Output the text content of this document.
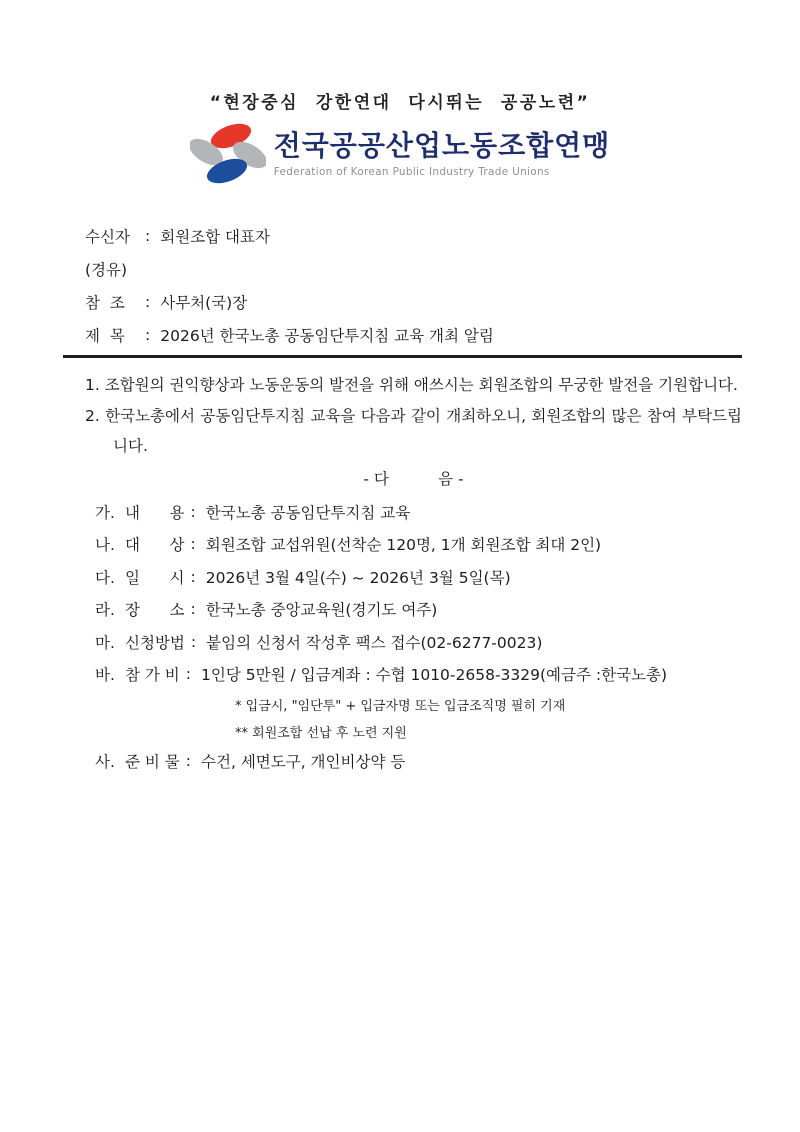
“현장중심  강한연대  다시뛰는  공공노련”
전국공공산업노동조합연맹
Federation of Korean Public Industry Trade Unions
수신자 : 회원조합 대표자
(경유)
참  조	: 사무처(국)장
제  목	: 2026년 한국노총 공동임단투지침 교육 개최 알림

1. 조합원의 권익향상과 노동운동의 발전을 위해 애쓰시는 회원조합의 무궁한 발전을 기원합니다.

2. 한국노총에서 공동임단투지침 교육을 다음과 같이 개최하오니, 회원조합의 많은 참여 부탁드립니다.

- 다          음 -
가. 내      용 : 한국노총 공동임단투지침 교육
나. 대      상 : 회원조합 교섭위원(선착순 120명, 1개 회원조합 최대 2인)
다. 일      시 : 2026년 3월 4일(수) ~ 2026년 3월 5일(목)
라. 장      소 : 한국노총 중앙교육원(경기도 여주)
마. 신청방법 : 붙임의 신청서 작성후 팩스 접수(02-6277-0023)
바. 참 가 비 : 1인당 5만원 / 입금계좌 : 수협 1010-2658-3329(예금주 :한국노총)
* 입금시, "임단투" + 입금자명 또는 입금조직명 필히 기재
** 회원조합 선납 후 노련 지원
사. 준 비 물 : 수건, 세면도구, 개인비상약 등
